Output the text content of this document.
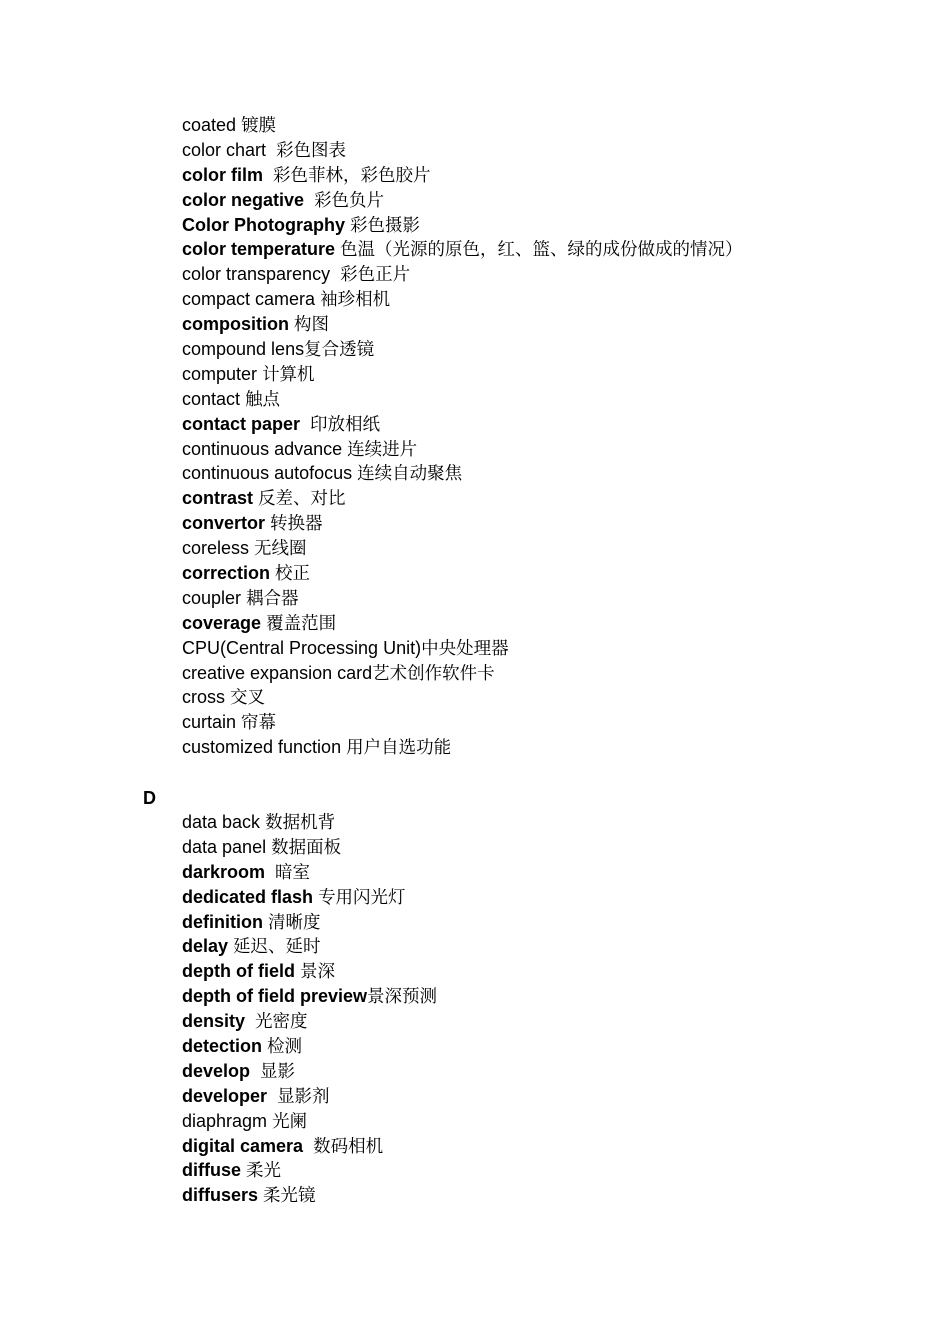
coated 镀膜
color chart 彩色图表
color film 彩色菲林，彩色胶片
color negative 彩色负片
Color Photography 彩色摄影
color temperature 色温（光源的原色，红、篮、绿的成份做成的情况）
color transparency 彩色正片
compact camera 袖珍相机
composition 构图
compound lens复合透镜
computer 计算机
contact 触点
contact paper 印放相纸
continuous advance 连续进片
continuous autofocus 连续自动聚焦
contrast 反差、对比
convertor 转换器
coreless 无线圈
correction 校正
coupler 耦合器
coverage 覆盖范围
CPU(Central Processing Unit)中央处理器
creative expansion card艺术创作软件卡
cross 交叉
curtain 帘幕
customized function 用户自选功能
D
data back 数据机背
data panel 数据面板
darkroom 暗室
dedicated flash 专用闪光灯
definition 清晰度
delay 延迟、延时
depth of field 景深
depth of field preview景深预测
density 光密度
detection 检测
develop 显影
developer 显影剂
diaphragm 光阑
digital camera 数码相机
diffuse 柔光
diffusers 柔光镜
